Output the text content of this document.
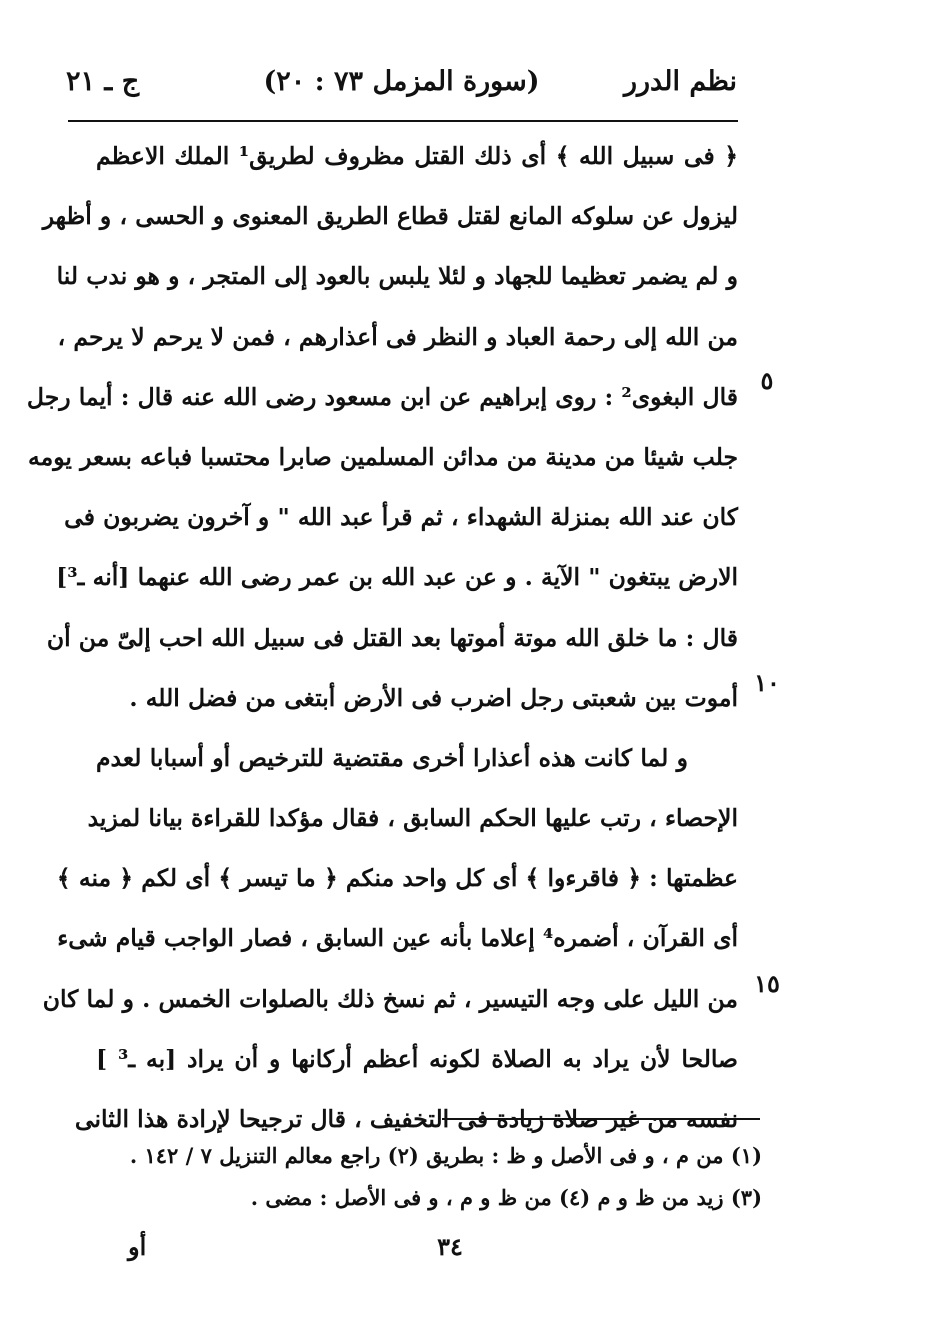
نظم الدرر
(سورة المزمل ٧٣ : ٢٠)
ج ـ ٢١
﴿ فى سبيل الله ﴾ أى ذلك القتل مظروف لطريق¹ الملك الاعظم
ليزول عن سلوكه المانع لقتل قطاع الطريق المعنوى و الحسى ، و أظهر
و لم يضمر تعظيما للجهاد و لئلا يلبس بالعود إلى المتجر ، و هو ندب لنا
من الله إلى رحمة العباد و النظر فى أعذارهم ، فمن لا يرحم لا يرحم ،
قال البغوى² : روى إبراهيم عن ابن مسعود رضى الله عنه قال : أيما رجل
جلب شيئا من مدينة من مدائن المسلمين صابرا محتسبا فباعه بسعر يومه
كان عند الله بمنزلة الشهداء ، ثم قرأ عبد الله " و آخرون يضربون فى
الارض يبتغون " الآية . و عن عبد الله بن عمر رضى الله عنهما [أنه ـ³]
قال : ما خلق الله موتة أموتها بعد القتل فى سبيل الله احب إلىّ من أن
أموت بين شعبتى رجل اضرب فى الأرض أبتغى من فضل الله .
و لما كانت هذه أعذارا أخرى مقتضية للترخيص أو أسبابا لعدم
الإحصاء ، رتب عليها الحكم السابق ، فقال مؤكدا للقراءة بيانا لمزيد
عظمتها : ﴿ فاقرءوا ﴾ أى كل واحد منكم ﴿ ما تيسر ﴾ أى لكم ﴿ منه ﴾
أى القرآن ، أضمره⁴ إعلاما بأنه عين السابق ، فصار الواجب قيام شىء
من الليل على وجه التيسير ، ثم نسخ ذلك بالصلوات الخمس . و لما كان
صالحا لأن يراد به الصلاة لكونه أعظم أركانها و أن يراد [به ـ³ ]
نفسه من غير صلاة زيادة فى التخفيف ، قال ترجيحا لإرادة هذا الثانى
٥
١٠
١٥
(١) من م ، و فى الأصل و ظ : بطريق (٢) راجع معالم التنزيل ٧ / ١٤٢ .
(٣) زيد من ظ و م (٤) من ظ و م ، و فى الأصل : مضى .
٣٤
أو
